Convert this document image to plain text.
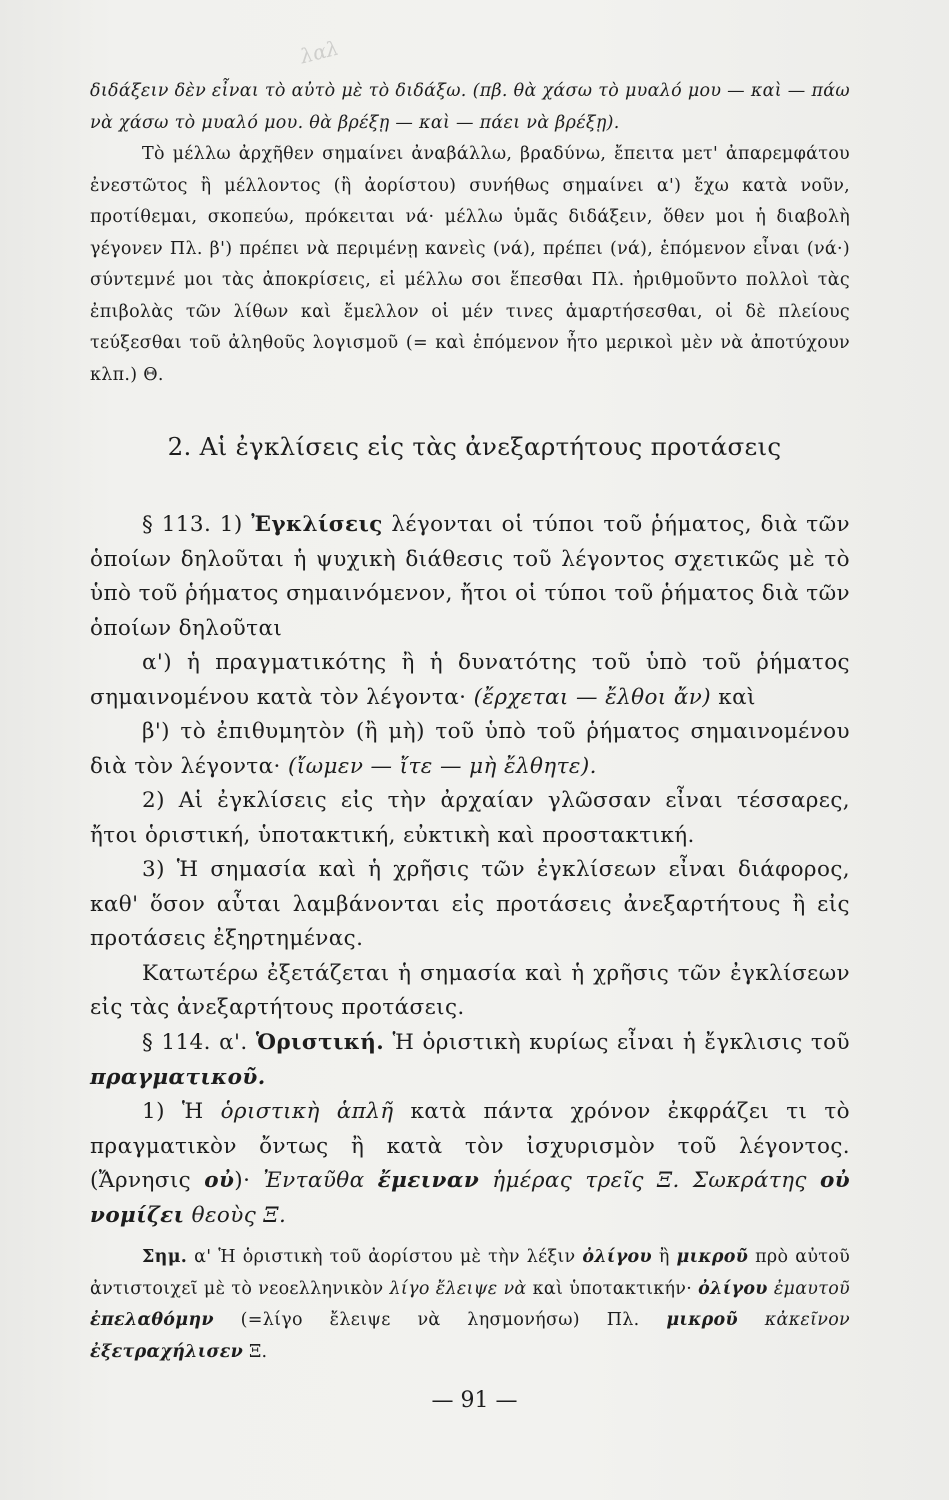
λαλ

διδάξειν δὲν εἶναι τὸ αὐτὸ μὲ τὸ διδάξω. (πβ. θὰ χάσω τὸ μυαλό μου — καὶ — πάω νὰ χάσω τὸ μυαλό μου. θὰ βρέξῃ — καὶ — πάει νὰ βρέξῃ).

Τὸ μέλλω ἀρχῆθεν σημαίνει ἀναβάλλω, βραδύνω, ἔπειτα μετ' ἀπαρεμφάτου ἐνεστῶτος ἢ μέλλοντος (ἢ ἀορίστου) συνήθως σημαίνει α') ἔχω κατὰ νοῦν, προτίθεμαι, σκοπεύω, πρόκειται νά· μέλλω ὑμᾶς διδάξειν, ὅθεν μοι ἡ διαβολὴ γέγονεν Πλ. β') πρέπει νὰ περιμένῃ κανεὶς (νά), πρέπει (νά), ἑπόμενον εἶναι (νά·) σύντεμνέ μοι τὰς ἀποκρίσεις, εἰ μέλλω σοι ἕπεσθαι Πλ. ἠριθμοῦντο πολλοὶ τὰς ἐπιβολὰς τῶν λίθων καὶ ἔμελλον οἱ μέν τινες ἁμαρτήσεσθαι, οἱ δὲ πλείους τεύξεσθαι τοῦ ἀληθοῦς λογισμοῦ (= καὶ ἑπόμενον ἦτο μερικοὶ μὲν νὰ ἀποτύχουν κλπ.) Θ.

2. Αἱ ἐγκλίσεις εἰς τὰς ἀνεξαρτήτους προτάσεις

§ 113. 1) Ἐγκλίσεις λέγονται οἱ τύποι τοῦ ῥήματος, διὰ τῶν ὁποίων δηλοῦται ἡ ψυχικὴ διάθεσις τοῦ λέγοντος σχετικῶς μὲ τὸ ὑπὸ τοῦ ῥήματος σημαινόμενον, ἤτοι οἱ τύποι τοῦ ῥήματος διὰ τῶν ὁποίων δηλοῦται

α') ἡ πραγματικότης ἢ ἡ δυνατότης τοῦ ὑπὸ τοῦ ῥήματος σημαινομένου κατὰ τὸν λέγοντα· (ἔρχεται — ἔλθοι ἄν) καὶ

β') τὸ ἐπιθυμητὸν (ἢ μὴ) τοῦ ὑπὸ τοῦ ῥήματος σημαινομένου διὰ τὸν λέγοντα· (ἴωμεν — ἴτε — μὴ ἔλθητε).

2) Αἱ ἐγκλίσεις εἰς τὴν ἀρχαίαν γλῶσσαν εἶναι τέσσαρες, ἤτοι ὁριστική, ὑποτακτική, εὐκτικὴ καὶ προστακτική.

3) Ἡ σημασία καὶ ἡ χρῆσις τῶν ἐγκλίσεων εἶναι διάφορος, καθ' ὅσον αὗται λαμβάνονται εἰς προτάσεις ἀνεξαρτήτους ἢ εἰς προτάσεις ἐξηρτημένας.

Κατωτέρω ἐξετάζεται ἡ σημασία καὶ ἡ χρῆσις τῶν ἐγκλίσεων εἰς τὰς ἀνεξαρτήτους προτάσεις.

§ 114. α'. Ὁριστική. Ἡ ὁριστικὴ κυρίως εἶναι ἡ ἔγκλισις τοῦ πραγματικοῦ.

1) Ἡ ὁριστικὴ ἁπλῆ κατὰ πάντα χρόνον ἐκφράζει τι τὸ πραγματικὸν ὄντως ἢ κατὰ τὸν ἰσχυρισμὸν τοῦ λέγοντος. (Ἄρνησις οὐ)· Ἐνταῦθα ἔμειναν ἡμέρας τρεῖς Ξ. Σωκράτης οὐ νομίζει θεοὺς Ξ.

Σημ. α' Ἡ ὁριστικὴ τοῦ ἀορίστου μὲ τὴν λέξιν ὀλίγου ἢ μικροῦ πρὸ αὐτοῦ ἀντιστοιχεῖ μὲ τὸ νεοελληνικὸν λίγο ἔλειψε νὰ καὶ ὑποτακτικήν· ὀλίγου ἐμαυτοῦ ἐπελαθόμην (=λίγο ἔλειψε νὰ λησμονήσω) Πλ. μικροῦ κἀκεῖνον ἐξετραχήλισεν Ξ.

— 91 —
